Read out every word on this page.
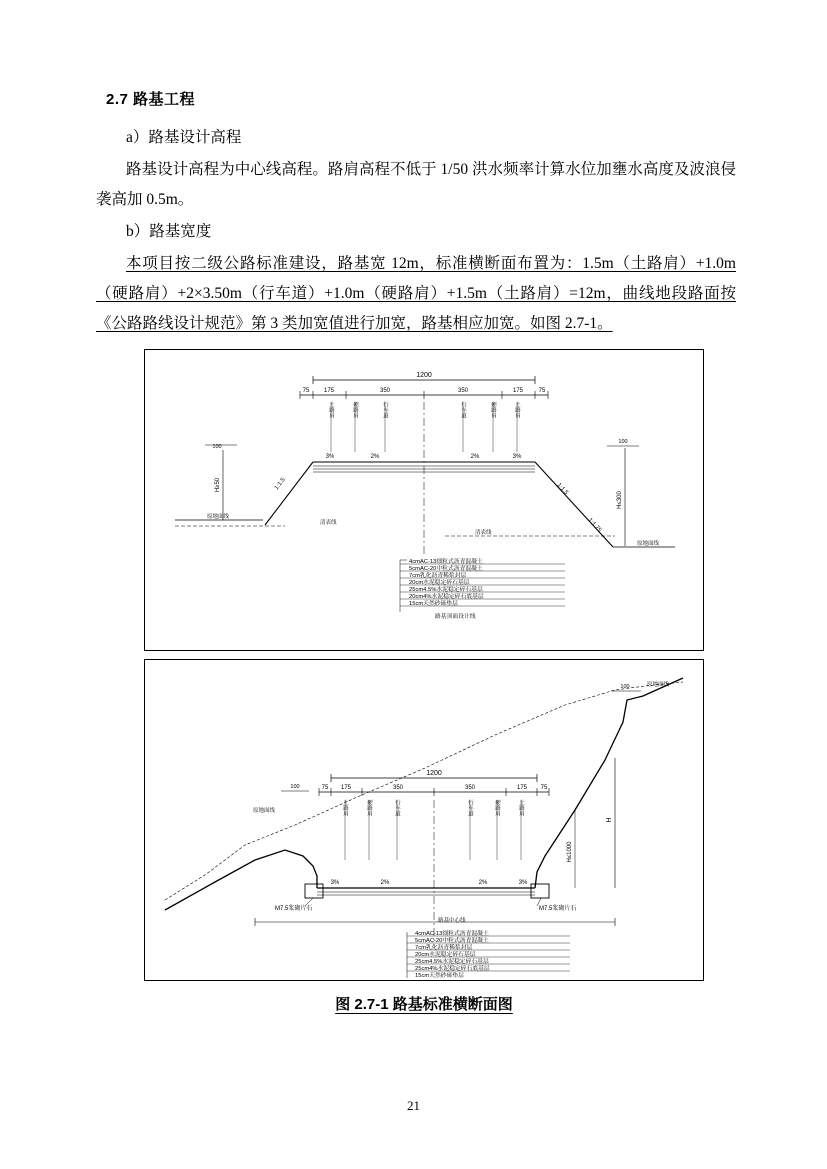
2.7 路基工程

a）路基设计高程

路基设计高程为中心线高程。路肩高程不低于 1/50 洪水频率计算水位加壅水高度及波浪侵袭高加 0.5m。

b）路基宽度

本项目按二级公路标准建设，路基宽 12m，标准横断面布置为：1.5m（土路肩）+1.0m（硬路肩）+2×3.50m（行车道）+1.0m（硬路肩）+1.5m（土路肩）=12m，曲线地段路面按《公路路线设计规范》第 3 类加宽值进行加宽，路基相应加宽。如图 2.7-1。

1200
75 175	350	350	175	75
土路肩	硬路肩	行车道	行车道	硬路肩	土路肩
3%	2%	2%	3%
1:1.5	1:1.5
1:1.75
原地面线
原地面线
清表线
清表线
H≥50
100
H≤300
100
4cmAC-13细粒式沥青混凝土
5cmAC-20中粒式沥青混凝土
7cm乳化沥青稀浆封层
20cm水泥稳定碎石基层
25cm4.5%水泥稳定碎石基层
20cm4%水泥稳定碎石底基层
15cm天然砂砾垫层
路基顶面设计线
1200
75 175	350	350	175 75
土路肩	硬路肩	行车道	行车道	硬路肩	土路肩
3%	2%	2%	3%
H
H≤1000
100
100
原地面线
原地面线
M7.5浆砌片石	M7.5浆砌片石
路基中心线
4cmAC-13细粒式沥青混凝土
5cmAC-20中粒式沥青混凝土
7cm乳化沥青稀浆封层
20cm水泥稳定碎石基层
25cm4.5%水泥稳定碎石基层
25cm4%水泥稳定碎石底基层
15cm天然砂砾垫层
图 2.7-1 路基标准横断面图
21
